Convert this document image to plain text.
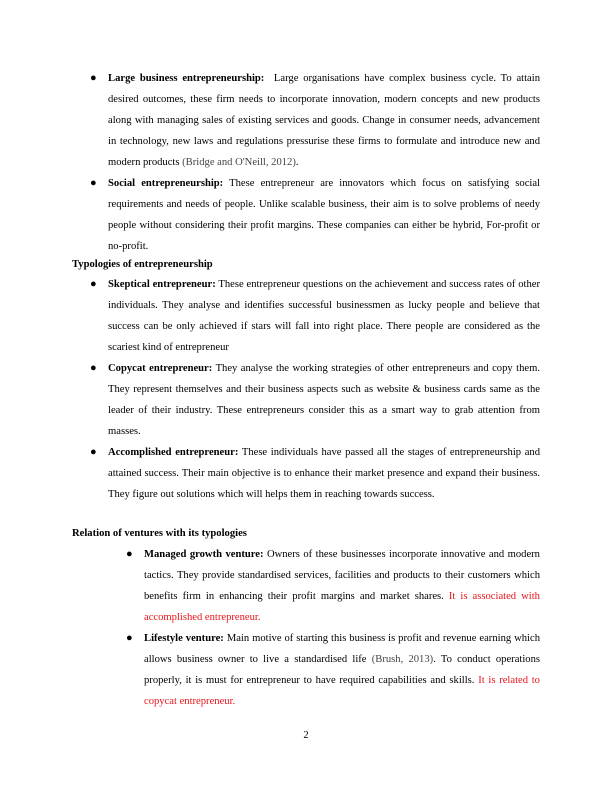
● Large business entrepreneurship: Large organisations have complex business cycle. To attain desired outcomes, these firm needs to incorporate innovation, modern concepts and new products along with managing sales of existing services and goods. Change in consumer needs, advancement in technology, new laws and regulations pressurise these firms to formulate and introduce new and modern products (Bridge and O'Neill, 2012).
● Social entrepreneurship: These entrepreneur are innovators which focus on satisfying social requirements and needs of people. Unlike scalable business, their aim is to solve problems of needy people without considering their profit margins. These companies can either be hybrid, For-profit or no-profit.
Typologies of entrepreneurship
● Skeptical entrepreneur: These entrepreneur questions on the achievement and success rates of other individuals. They analyse and identifies successful businessmen as lucky people and believe that success can be only achieved if stars will fall into right place. There people are considered as the scariest kind of entrepreneur
● Copycat entrepreneur: They analyse the working strategies of other entrepreneurs and copy them. They represent themselves and their business aspects such as website & business cards same as the leader of their industry. These entrepreneurs consider this as a smart way to grab attention from masses.
● Accomplished entrepreneur: These individuals have passed all the stages of entrepreneurship and attained success. Their main objective is to enhance their market presence and expand their business. They figure out solutions which will helps them in reaching towards success.
Relation of ventures with its typologies
● Managed growth venture: Owners of these businesses incorporate innovative and modern tactics. They provide standardised services, facilities and products to their customers which benefits firm in enhancing their profit margins and market shares. It is associated with accomplished entrepreneur.
● Lifestyle venture: Main motive of starting this business is profit and revenue earning which allows business owner to live a standardised life (Brush, 2013). To conduct operations properly, it is must for entrepreneur to have required capabilities and skills. It is related to copycat entrepreneur.
2
